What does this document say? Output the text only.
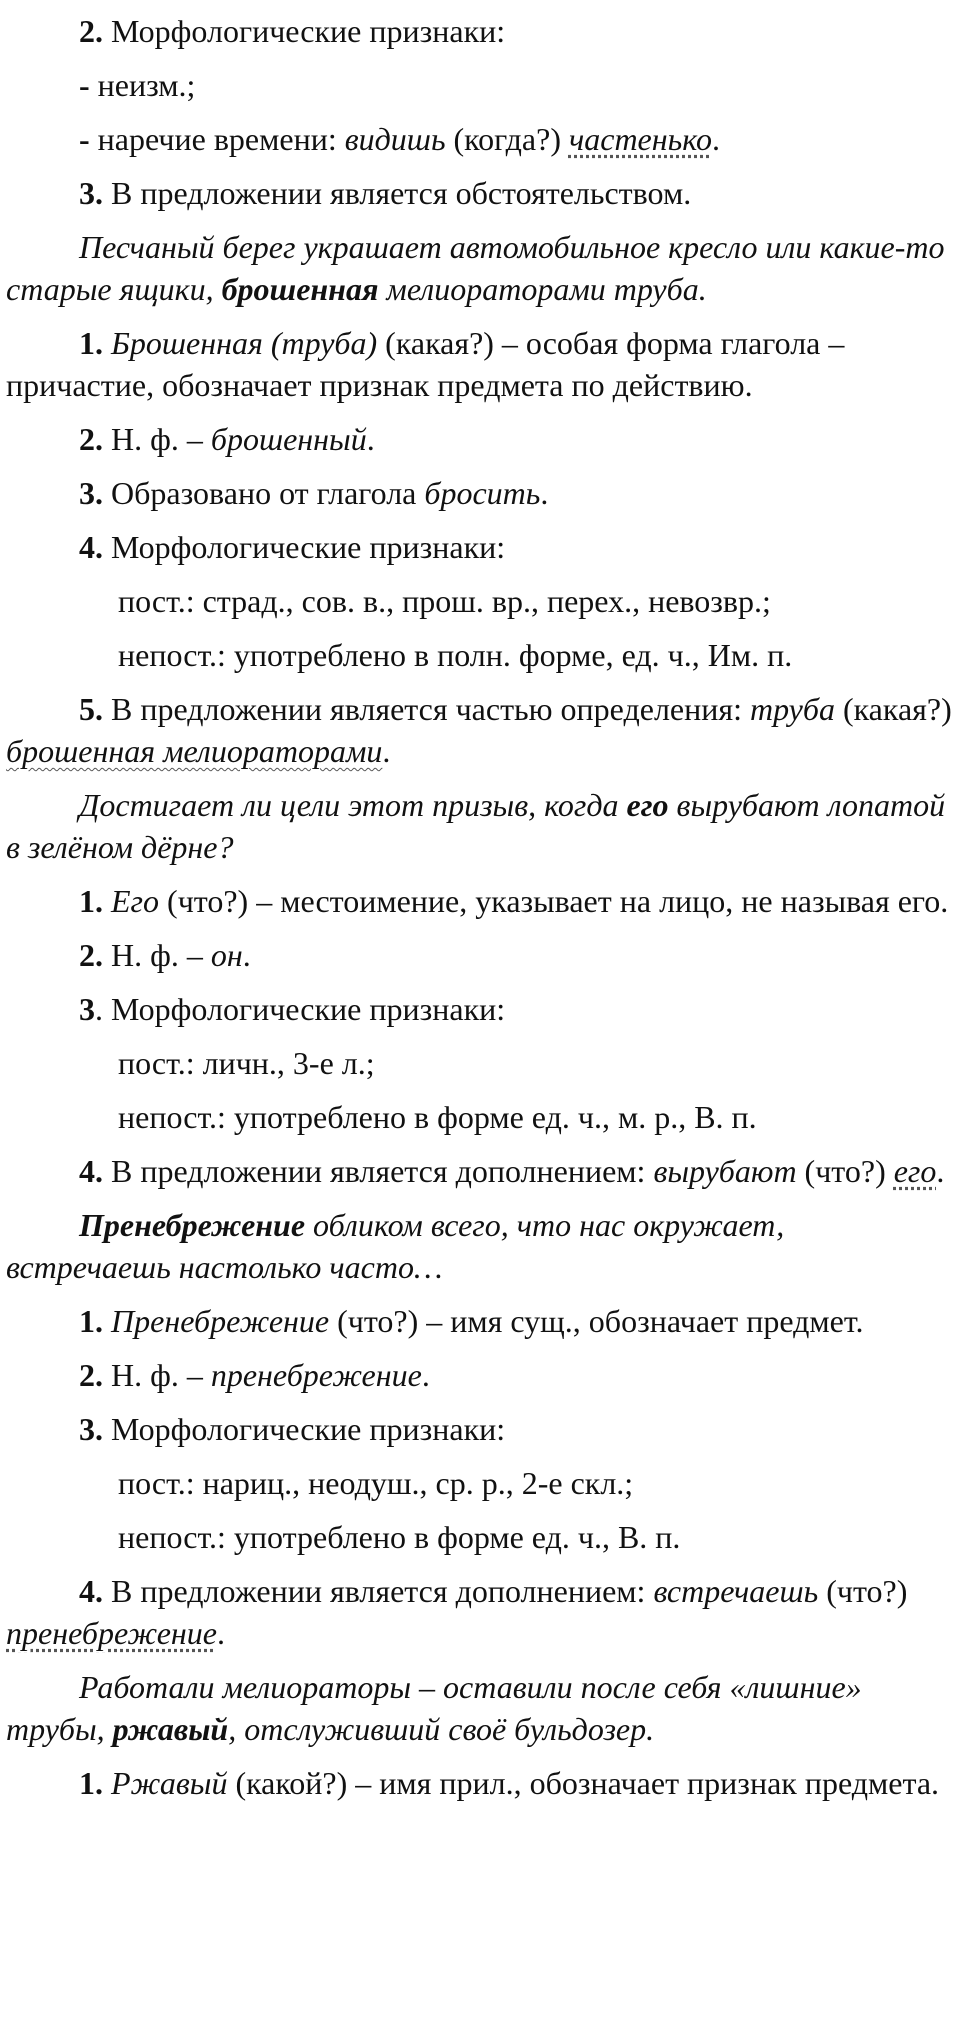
2. Морфологические признаки:

- неизм.;

- наречие времени: видишь (когда?) частенько.

3. В предложении является обстоятельством.

Песчаный берег украшает автомобильное кресло или какие-то старые ящики, брошенная мелиораторами труба.

1. Брошенная (труба) (какая?) – особая форма глагола – причастие, обозначает признак предмета по действию.

2. Н. ф. – брошенный.

3. Образовано от глагола бросить.

4. Морфологические признаки:

пост.: страд., сов. в., прош. вр., перех., невозвр.;

непост.: употреблено в полн. форме, ед. ч., Им. п.

5. В предложении является частью определения: труба (какая?) брошенная мелиораторами.

Достигает ли цели этот призыв, когда его вырубают лопатой в зелёном дёрне?

1. Его (что?) – местоимение, указывает на лицо, не называя его.

2. Н. ф. – он.

3. Морфологические признаки:

пост.: личн., 3-е л.;

непост.: употреблено в форме ед. ч., м. р., В. п.

4. В предложении является дополнением: вырубают (что?) его.

Пренебрежение обликом всего, что нас окружает, встречаешь настолько часто…

1. Пренебрежение (что?) – имя сущ., обозначает предмет.

2. Н. ф. – пренебрежение.

3. Морфологические признаки:

пост.: нариц., неодуш., ср. р., 2-е скл.;

непост.: употреблено в форме ед. ч., В. п.

4. В предложении является дополнением: встречаешь (что?) пренебрежение.

Работали мелиораторы – оставили после себя «лишние» трубы, ржавый, отслуживший своё бульдозер.

1. Ржавый (какой?) – имя прил., обозначает признак предмета.
